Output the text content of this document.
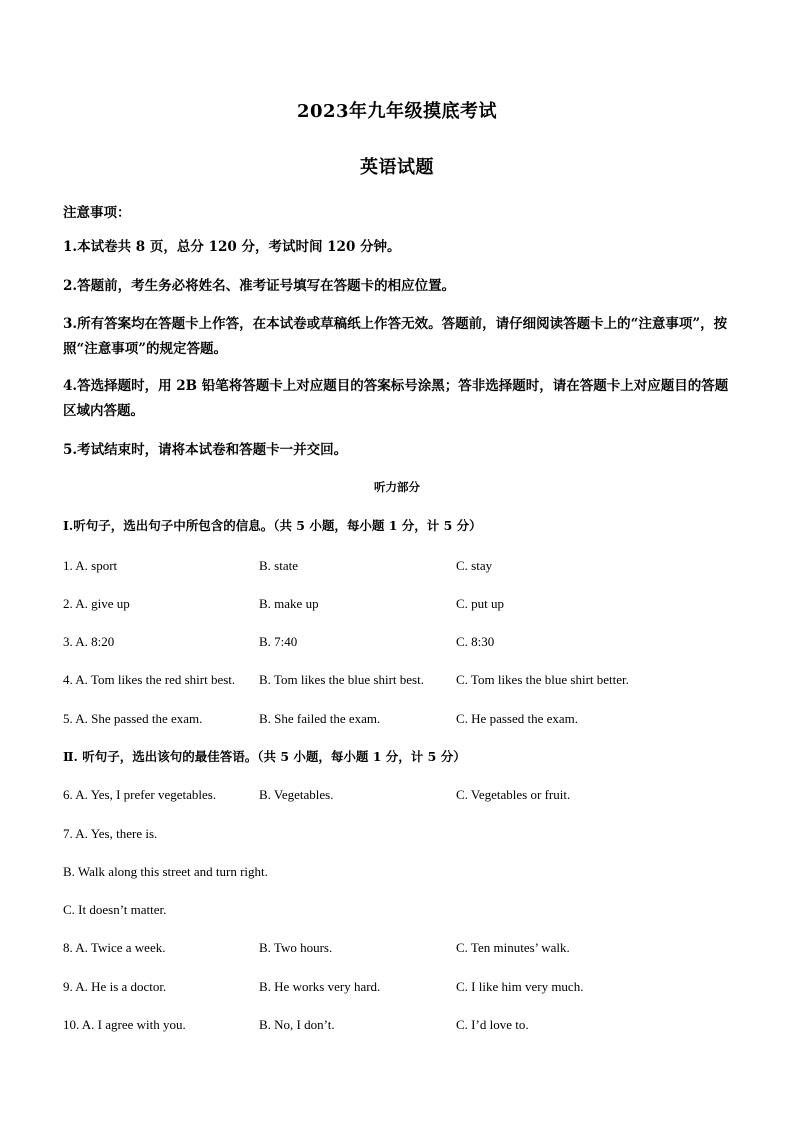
2023年九年级摸底考试
英语试题
注意事项：
1.本试卷共 8 页，总分 120 分，考试时间 120 分钟。
2.答题前，考生务必将姓名、准考证号填写在答题卡的相应位置。
3.所有答案均在答题卡上作答，在本试卷或草稿纸上作答无效。答题前，请仔细阅读答题卡上的“注意事项”，按照“注意事项”的规定答题。
4.答选择题时，用 2B 铅笔将答题卡上对应题目的答案标号涂黑；答非选择题时，请在答题卡上对应题目的答题区域内答题。
5.考试结束时，请将本试卷和答题卡一并交回。
听力部分
Ⅰ.听句子，选出句子中所包含的信息。（共 5 小题，每小题 1 分，计 5 分）
1. A. sport	B. state	C. stay
2. A. give up	B. make up	C. put up
3. A. 8:20	B. 7:40	C. 8:30
4. A. Tom likes the red shirt best. B. Tom likes the blue shirt best. C. Tom likes the blue shirt better.
5. A. She passed the exam.	B. She failed the exam.	C. He passed the exam.
Ⅱ. 听句子，选出该句的最佳答语。（共 5 小题，每小题 1 分，计 5 分）
6. A. Yes, I prefer vegetables.	B. Vegetables.	C. Vegetables or fruit.
7. A. Yes, there is.
B. Walk along this street and turn right.
C. It doesn’t matter.
8. A. Twice a week.	B. Two hours.	C. Ten minutes’ walk.
9. A. He is a doctor.	B. He works very hard.	C. I like him very much.
10. A. I agree with you.	B. No, I don’t.	C. I’d love to.
